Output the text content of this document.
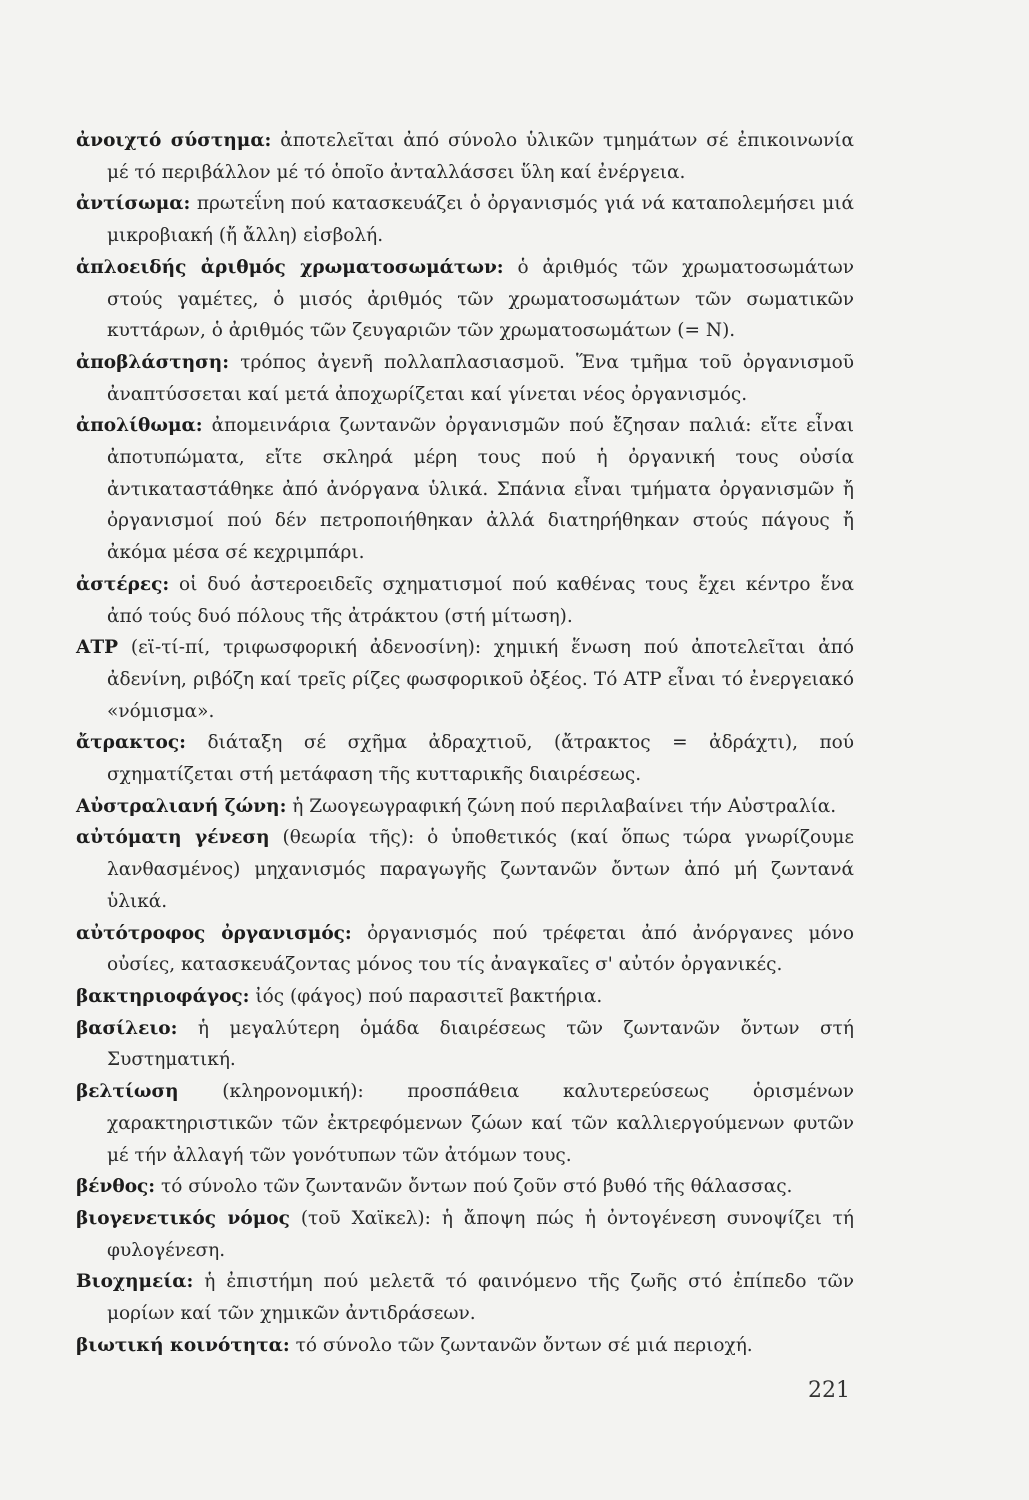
ἀνοιχτό σύστημα: ἀποτελεῖται ἀπό σύνολο ὑλικῶν τμημάτων σέ ἐπικοινωνία μέ τό περιβάλλον μέ τό ὁποῖο ἀνταλλάσσει ὕλη καί ἐνέργεια.
ἀντίσωμα: πρωτεΐνη πού κατασκευάζει ὁ ὀργανισμός γιά νά καταπολεμήσει μιά μικροβιακή (ἤ ἄλλη) εἰσβολή.
ἁπλοειδής ἀριθμός χρωματοσωμάτων: ὁ ἀριθμός τῶν χρωματοσωμάτων στούς γαμέτες, ὁ μισός ἀριθμός τῶν χρωματοσωμάτων τῶν σωματικῶν κυττάρων, ὁ ἀριθμός τῶν ζευγαριῶν τῶν χρωματοσωμάτων (= N).
ἀποβλάστηση: τρόπος ἀγενῆ πολλαπλασιασμοῦ. Ἕνα τμῆμα τοῦ ὀργανισμοῦ ἀναπτύσσεται καί μετά ἀποχωρίζεται καί γίνεται νέος ὀργανισμός.
ἀπολίθωμα: ἀπομεινάρια ζωντανῶν ὀργανισμῶν πού ἔζησαν παλιά: εἴτε εἶναι ἀποτυπώματα, εἴτε σκληρά μέρη τους πού ἡ ὀργανική τους οὐσία ἀντικαταστάθηκε ἀπό ἀνόργανα ὑλικά. Σπάνια εἶναι τμήματα ὀργανισμῶν ἤ ὀργανισμοί πού δέν πετροποιήθηκαν ἀλλά διατηρήθηκαν στούς πάγους ἤ ἀκόμα μέσα σέ κεχριμπάρι.
ἀστέρες: οἱ δυό ἀστεροειδεῖς σχηματισμοί πού καθένας τους ἔχει κέντρο ἕνα ἀπό τούς δυό πόλους τῆς ἀτράκτου (στή μίτωση).
ΑΤΡ (εϊ-τί-πί, τριφωσφορική ἀδενοσίνη): χημική ἕνωση πού ἀποτελεῖται ἀπό ἀδενίνη, ριβόζη καί τρεῖς ρίζες φωσφορικοῦ ὀξέος. Τό ΑΤΡ εἶναι τό ἐνεργειακό «νόμισμα».
ἄτρακτος: διάταξη σέ σχῆμα ἀδραχτιοῦ, (ἄτρακτος = ἀδράχτι), πού σχηματίζεται στή μετάφαση τῆς κυτταρικῆς διαιρέσεως.
Αὐστραλιανή ζώνη: ἡ Ζωογεωγραφική ζώνη πού περιλαβαίνει τήν Αὐστραλία.
αὐτόματη γένεση (θεωρία τῆς): ὁ ὑποθετικός (καί ὅπως τώρα γνωρίζουμε λανθασμένος) μηχανισμός παραγωγῆς ζωντανῶν ὄντων ἀπό μή ζωντανά ὑλικά.
αὐτότροφος ὀργανισμός: ὀργανισμός πού τρέφεται ἀπό ἀνόργανες μόνο οὐσίες, κατασκευάζοντας μόνος του τίς ἀναγκαῖες σ' αὐτόν ὀργανικές.
βακτηριοφάγος: ἰός (φάγος) πού παρασιτεῖ βακτήρια.
βασίλειο: ἡ μεγαλύτερη ὁμάδα διαιρέσεως τῶν ζωντανῶν ὄντων στή Συστηματική.
βελτίωση (κληρονομική): προσπάθεια καλυτερεύσεως ὁρισμένων χαρακτηριστικῶν τῶν ἐκτρεφόμενων ζώων καί τῶν καλλιεργούμενων φυτῶν μέ τήν ἀλλαγή τῶν γονότυπων τῶν ἀτόμων τους.
βένθος: τό σύνολο τῶν ζωντανῶν ὄντων πού ζοῦν στό βυθό τῆς θάλασσας.
βιογενετικός νόμος (τοῦ Χαϊκελ): ἡ ἄποψη πώς ἡ ὀντογένεση συνοψίζει τή φυλογένεση.
Βιοχημεία: ἡ ἐπιστήμη πού μελετᾶ τό φαινόμενο τῆς ζωῆς στό ἐπίπεδο τῶν μορίων καί τῶν χημικῶν ἀντιδράσεων.
βιωτική κοινότητα: τό σύνολο τῶν ζωντανῶν ὄντων σέ μιά περιοχή.
221
